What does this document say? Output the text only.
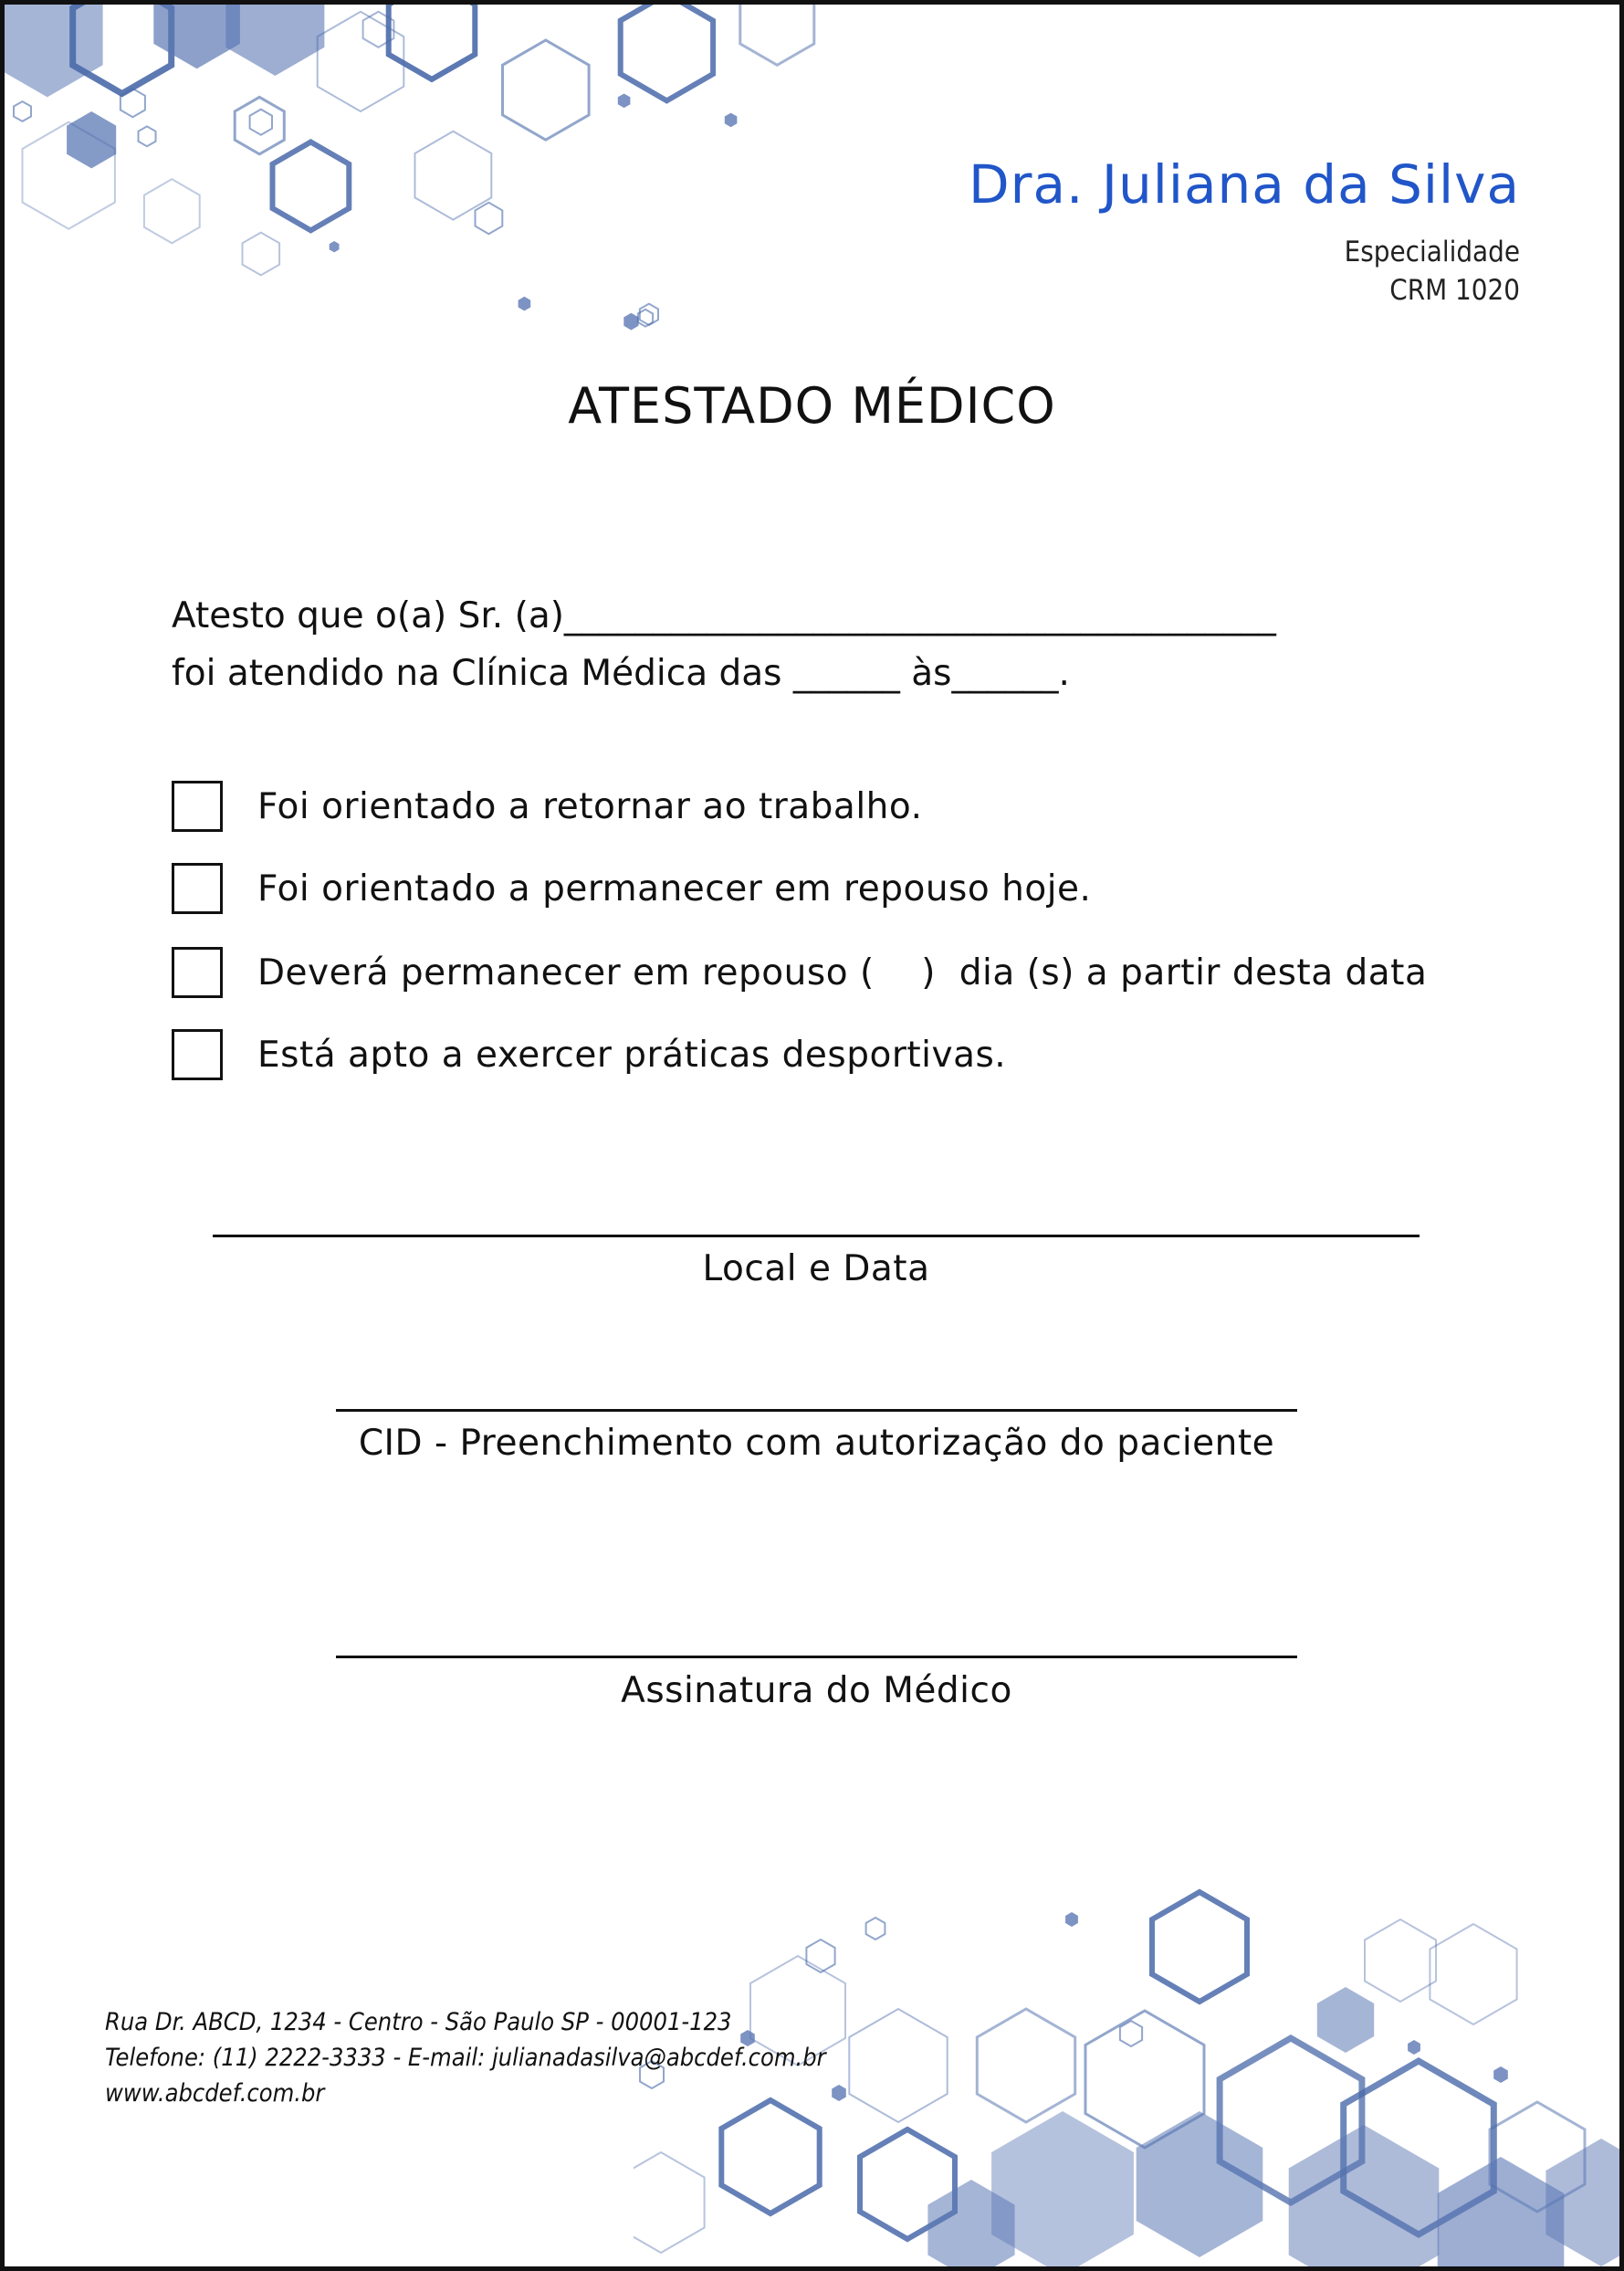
Dra. Juliana da Silva
Especialidade
CRM 1020
ATESTADO MÉDICO
Atesto que o(a) Sr. (a)________________________________________
foi atendido na Clínica Médica das ______ às______.
Foi orientado a retornar ao trabalho.
Foi orientado a permanecer em repouso hoje.
Deverá permanecer em repouso (    )  dia (s) a partir desta data
Está apto a exercer práticas desportivas.
Local e Data
CID - Preenchimento com autorização do paciente
Assinatura do Médico
Rua Dr. ABCD, 1234 - Centro - São Paulo SP - 00001-123
Telefone: (11) 2222-3333 - E-mail: julianadasilva@abcdef.com.br
www.abcdef.com.br
